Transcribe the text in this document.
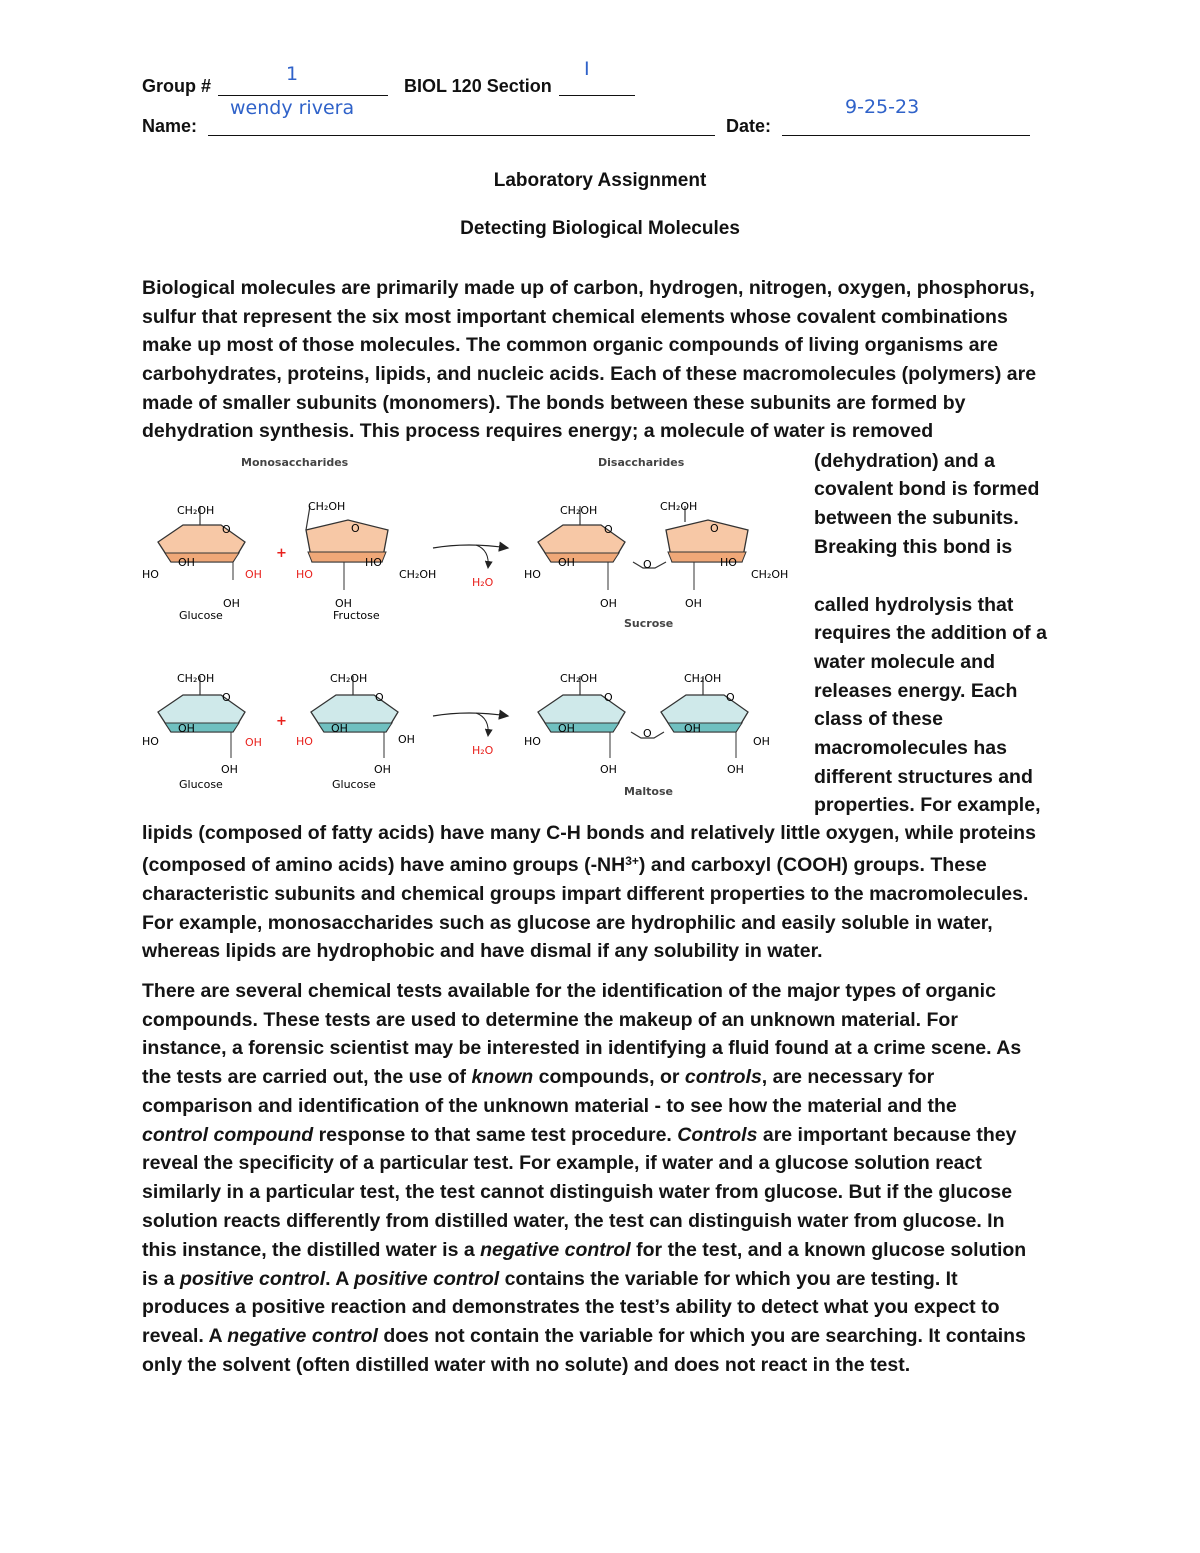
Group #
1
BIOL 120 Section
I
Name:
wendy rivera
Date:
9-25-23
Laboratory Assignment
Detecting Biological Molecules
Biological molecules are primarily made up of carbon, hydrogen, nitrogen, oxygen, phosphorus,
sulfur that represent the six most important chemical elements whose covalent combinations
make up most of those molecules. The common organic compounds of living organisms are
carbohydrates, proteins, lipids, and nucleic acids. Each of these macromolecules (polymers) are
made of smaller subunits (monomers). The bonds between these subunits are formed by
dehydration synthesis. This process requires energy; a molecule of water is removed
(dehydration) and a
covalent bond is formed
between the subunits.
Breaking this bond is
called hydrolysis that
requires the addition of a
water molecule and
releases energy. Each
class of these
macromolecules has
different structures and
properties. For example,
Monosaccharides	Disaccharides
CH₂OH
O
OH
HO	OH
OH
Glucose
+
CH₂OH
O
HO
HO	CH₂OH
OH
Fructose
H₂O
CH₂OH
O
OH
HO
OH
O
CH₂OH
O
HO
CH₂OH
OH
Sucrose
CH₂OH
O
OH
HO	OH
OH
Glucose
+
CH₂OH
O
OH
HO	OH
OH
Glucose
H₂O
CH₂OH
O
OH
HO
OH
O
CH₂OH
O
OH
OH
OH
Maltose
lipids (composed of fatty acids) have many C-H bonds and relatively little oxygen, while proteins
(composed of amino acids) have amino groups $(-NH^{3+})$ and carboxyl (COOH) groups. These
characteristic subunits and chemical groups impart different properties to the macromolecules.
For example, monosaccharides such as glucose are hydrophilic and easily soluble in water,
whereas lipids are hydrophobic and have dismal if any solubility in water.
There are several chemical tests available for the identification of the major types of organic
compounds. These tests are used to determine the makeup of an unknown material. For
instance, a forensic scientist may be interested in identifying a fluid found at a crime scene. As
the tests are carried out, the use of known compounds, or controls, are necessary for
comparison and identification of the unknown material - to see how the material and the
control compound response to that same test procedure. Controls are important because they
reveal the specificity of a particular test. For example, if water and a glucose solution react
similarly in a particular test, the test cannot distinguish water from glucose. But if the glucose
solution reacts differently from distilled water, the test can distinguish water from glucose. In
this instance, the distilled water is a negative control for the test, and a known glucose solution
is a positive control. A positive control contains the variable for which you are testing. It
produces a positive reaction and demonstrates the test’s ability to detect what you expect to
reveal. A negative control does not contain the variable for which you are searching. It contains
only the solvent (often distilled water with no solute) and does not react in the test.
